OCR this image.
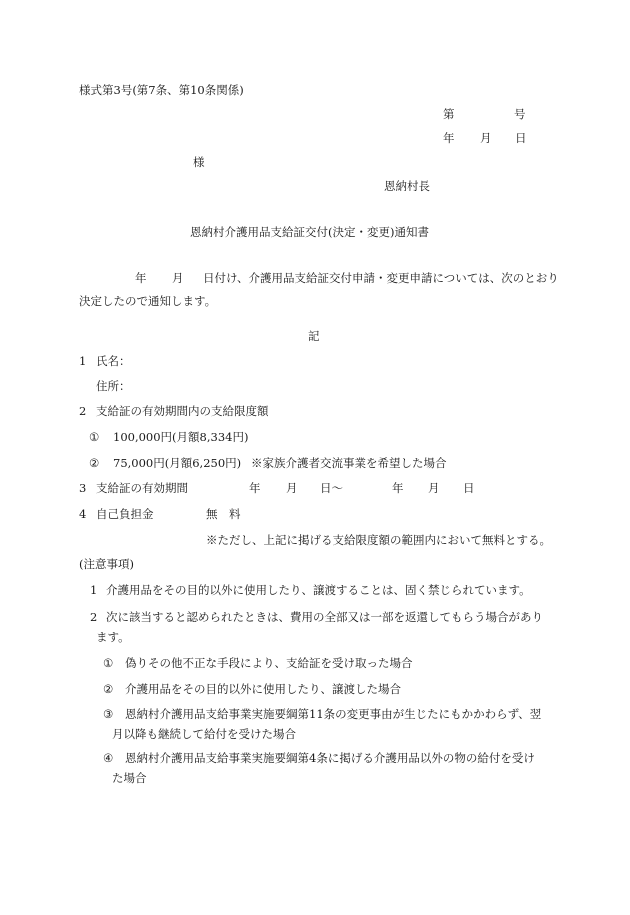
様式第3号(第7条、第10条関係)
第	号
年 月 日
様
恩納村長
恩納村介護用品支給証交付(決定・変更)通知書
年 月 日付け、介護用品支給証交付申請・変更申請については、次のとおり
決定したので通知します。
記
1 氏名：
住所：
2 支給証の有効期間内の支給限度額
① 100,000円(月額8,334円)
② 75,000円(月額6,250円) ※家族介護者交流事業を希望した場合
3 支給証の有効期間	年 月 日～	年 月 日
4 自己負担金	無　料
※ただし、上記に掲げる支給限度額の範囲内において無料とする。
(注意事項)
1 介護用品をその目的以外に使用したり、譲渡することは、固く禁じられています。
2 次に該当すると認められたときは、費用の全部又は一部を返還してもらう場合があり
ます。
① 偽りその他不正な手段により、支給証を受け取った場合
② 介護用品をその目的以外に使用したり、譲渡した場合
③ 恩納村介護用品支給事業実施要綱第11条の変更事由が生じたにもかかわらず、翌
月以降も継続して給付を受けた場合
④ 恩納村介護用品支給事業実施要綱第4条に掲げる介護用品以外の物の給付を受け
た場合
